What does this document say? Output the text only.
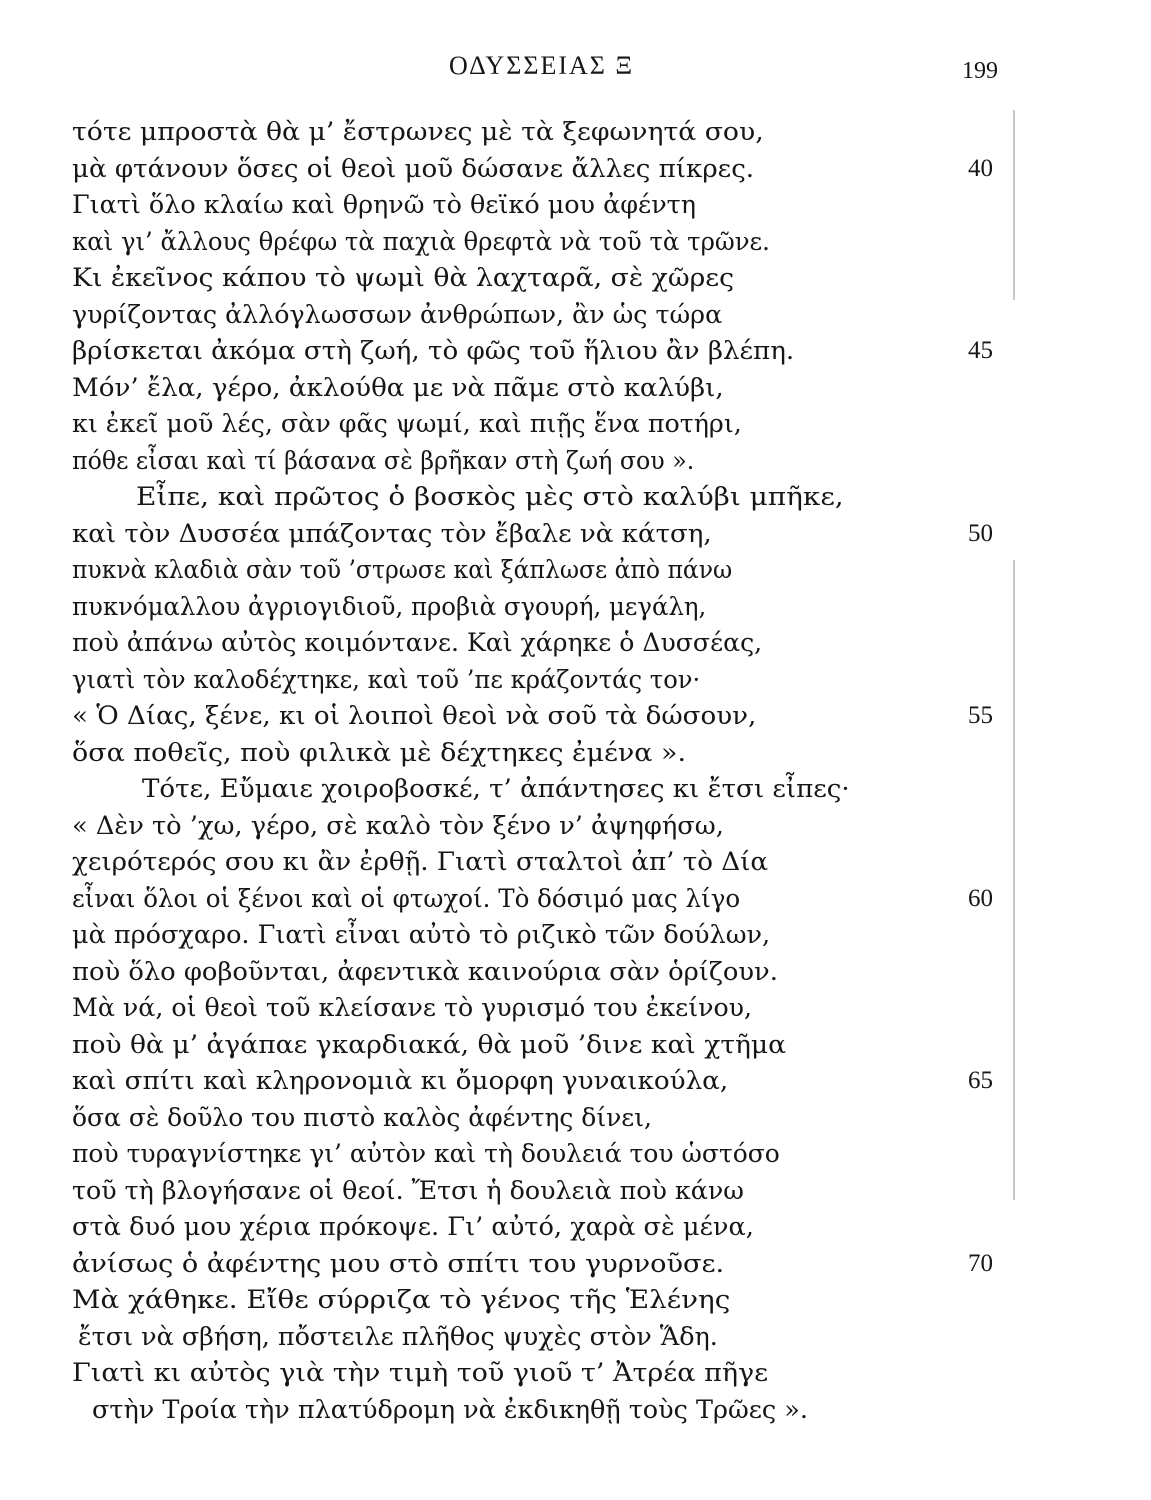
ΟΔΥΣΣΕΙΑΣ Ξ	199
τότε μπροστὰ θὰ μ’ ἔστρωνες μὲ τὰ ξεφωνητά σου,
μὰ φτάνουν ὅσες οἱ θεοὶ μοῦ δώσανε ἄλλες πίκρες.	40
Γιατὶ ὅλο κλαίω καὶ θρηνῶ τὸ θεϊκό μου ἀφέντη
καὶ γι’ ἄλλους θρέφω τὰ παχιὰ θρεφτὰ νὰ τοῦ τὰ τρῶνε.
Κι ἐκεῖνος κάπου τὸ ψωμὶ θὰ λαχταρᾶ, σὲ χῶρες
γυρίζοντας ἀλλόγλωσσων ἀνθρώπων, ἂν ὡς τώρα
βρίσκεται ἀκόμα στὴ ζωή, τὸ φῶς τοῦ ἥλιου ἂν βλέπη.	45
Μόν’ ἔλα, γέρο, ἀκλούθα με νὰ πᾶμε στὸ καλύβι,
κι ἐκεῖ μοῦ λές, σὰν φᾶς ψωμί, καὶ πιῇς ἕνα ποτήρι,
πόθε εἶσαι καὶ τί βάσανα σὲ βρῆκαν στὴ ζωή σου ».
Εἶπε, καὶ πρῶτος ὁ βοσκὸς μὲς στὸ καλύβι μπῆκε,
καὶ τὸν Δυσσέα μπάζοντας τὸν ἔβαλε νὰ κάτση,	50
πυκνὰ κλαδιὰ σὰν τοῦ ’στρωσε καὶ ξάπλωσε ἀπὸ πάνω
πυκνόμαλλου ἀγριογιδιοῦ, προβιὰ σγουρή, μεγάλη,
ποὺ ἀπάνω αὐτὸς κοιμόντανε. Καὶ χάρηκε ὁ Δυσσέας,
γιατὶ τὸν καλοδέχτηκε, καὶ τοῦ ’πε κράζοντάς τον·
« Ὁ Δίας, ξένε, κι οἱ λοιποὶ θεοὶ νὰ σοῦ τὰ δώσουν,	55
ὅσα ποθεῖς, ποὺ φιλικὰ μὲ δέχτηκες ἐμένα ».
Τότε, Εὔμαιε χοιροβοσκέ, τ’ ἀπάντησες κι ἔτσι εἶπες·
« Δὲν τὸ ’χω, γέρο, σὲ καλὸ τὸν ξένο ν’ ἀψηφήσω,
χειρότερός σου κι ἂν ἐρθῇ. Γιατὶ σταλτοὶ ἀπ’ τὸ Δία
εἶναι ὅλοι οἱ ξένοι καὶ οἱ φτωχοί. Τὸ δόσιμό μας λίγο	60
μὰ πρόσχαρο. Γιατὶ εἶναι αὐτὸ τὸ ριζικὸ τῶν δούλων,
ποὺ ὅλο φοβοῦνται, ἀφεντικὰ καινούρια σὰν ὁρίζουν.
Μὰ νά, οἱ θεοὶ τοῦ κλείσανε τὸ γυρισμό του ἐκείνου,
ποὺ θὰ μ’ ἀγάπαε γκαρδιακά, θὰ μοῦ ’δινε καὶ χτῆμα
καὶ σπίτι καὶ κληρονομιὰ κι ὄμορφη γυναικούλα,	65
ὅσα σὲ δοῦλο του πιστὸ καλὸς ἀφέντης δίνει,
ποὺ τυραγνίστηκε γι’ αὐτὸν καὶ τὴ δουλειά του ὡστόσο
τοῦ τὴ βλογήσανε οἱ θεοί. Ἔτσι ἡ δουλειὰ ποὺ κάνω
στὰ δυό μου χέρια πρόκοψε. Γι’ αὐτό, χαρὰ σὲ μένα,
ἀνίσως ὁ ἀφέντης μου στὸ σπίτι του γυρνοῦσε.	70
Μὰ χάθηκε. Εἴθε σύρριζα τὸ γένος τῆς Ἑλένης
ἔτσι νὰ σβήση, πὄστειλε πλῆθος ψυχὲς στὸν Ἅδη.
Γιατὶ κι αὐτὸς γιὰ τὴν τιμὴ τοῦ γιοῦ τ’ Ἀτρέα πῆγε
στὴν Τροία τὴν πλατύδρομη νὰ ἐκδικηθῇ τοὺς Τρῶες ».
